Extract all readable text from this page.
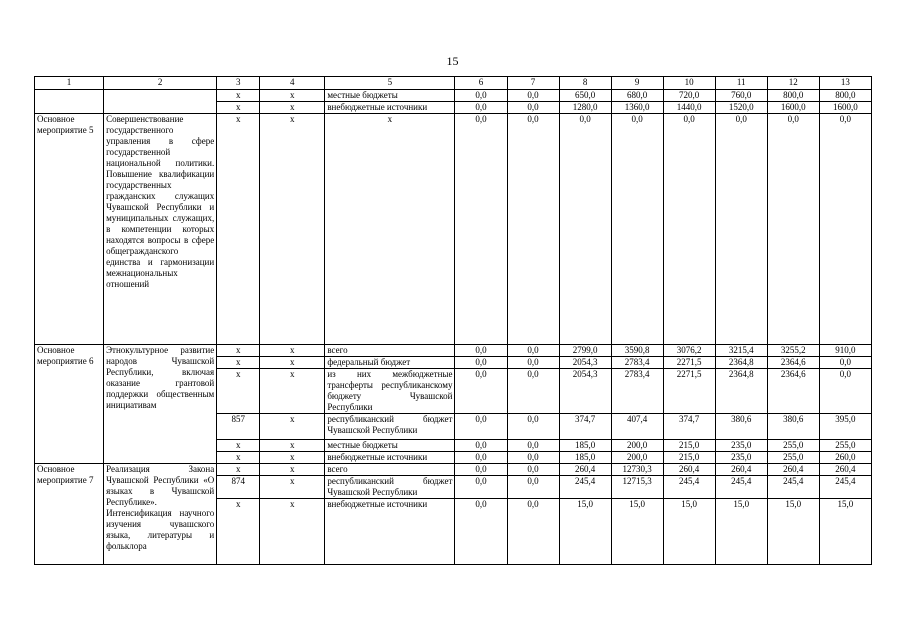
15
1	2	3	4	5	6	7	8	9	10	11	12	13
		x	x	местные бюджеты	0,0	0,0	650,0	680,0	720,0	760,0	800,0	800,0
		x	x	внебюджетные источники	0,0	0,0	1280,0	1360,0	1440,0	1520,0	1600,0	1600,0
Основное мероприятие 5	Совершенствование государственного управления в сфере государственной национальной политики. Повышение квалификации государственных гражданских служащих Чувашской Республики и муниципальных служащих, в компетенции которых находятся вопросы в сфере общегражданского единства и гармонизации межнациональных отношений	x	x	x	0,0	0,0	0,0	0,0	0,0	0,0	0,0	0,0
Основное мероприятие 6	Этнокультурное развитие народов Чувашской Республики, включая оказание грантовой поддержки общественным инициативам	x	x	всего	0,0	0,0	2799,0	3590,8	3076,2	3215,4	3255,2	910,0
		x	x	федеральный бюджет	0,0	0,0	2054,3	2783,4	2271,5	2364,8	2364,6	0,0
		x	x	из них межбюджетные трансферты республиканскому бюджету Чувашской Республики	0,0	0,0	2054,3	2783,4	2271,5	2364,8	2364,6	0,0
		857	x	республиканский бюджет Чувашской Республики	0,0	0,0	374,7	407,4	374,7	380,6	380,6	395,0
		x	x	местные бюджеты	0,0	0,0	185,0	200,0	215,0	235,0	255,0	255,0
		x	x	внебюджетные источники	0,0	0,0	185,0	200,0	215,0	235,0	255,0	260,0
Основное мероприятие 7	Реализация Закона Чувашской Республики «О языках в Чувашской Республике». Интенсификация научного изучения чувашского языка, литературы и фольклора	x	x	всего	0,0	0,0	260,4	12730,3	260,4	260,4	260,4	260,4
		874	x	республиканский бюджет Чувашской Республики	0,0	0,0	245,4	12715,3	245,4	245,4	245,4	245,4
		x	x	внебюджетные источники	0,0	0,0	15,0	15,0	15,0	15,0	15,0	15,0
